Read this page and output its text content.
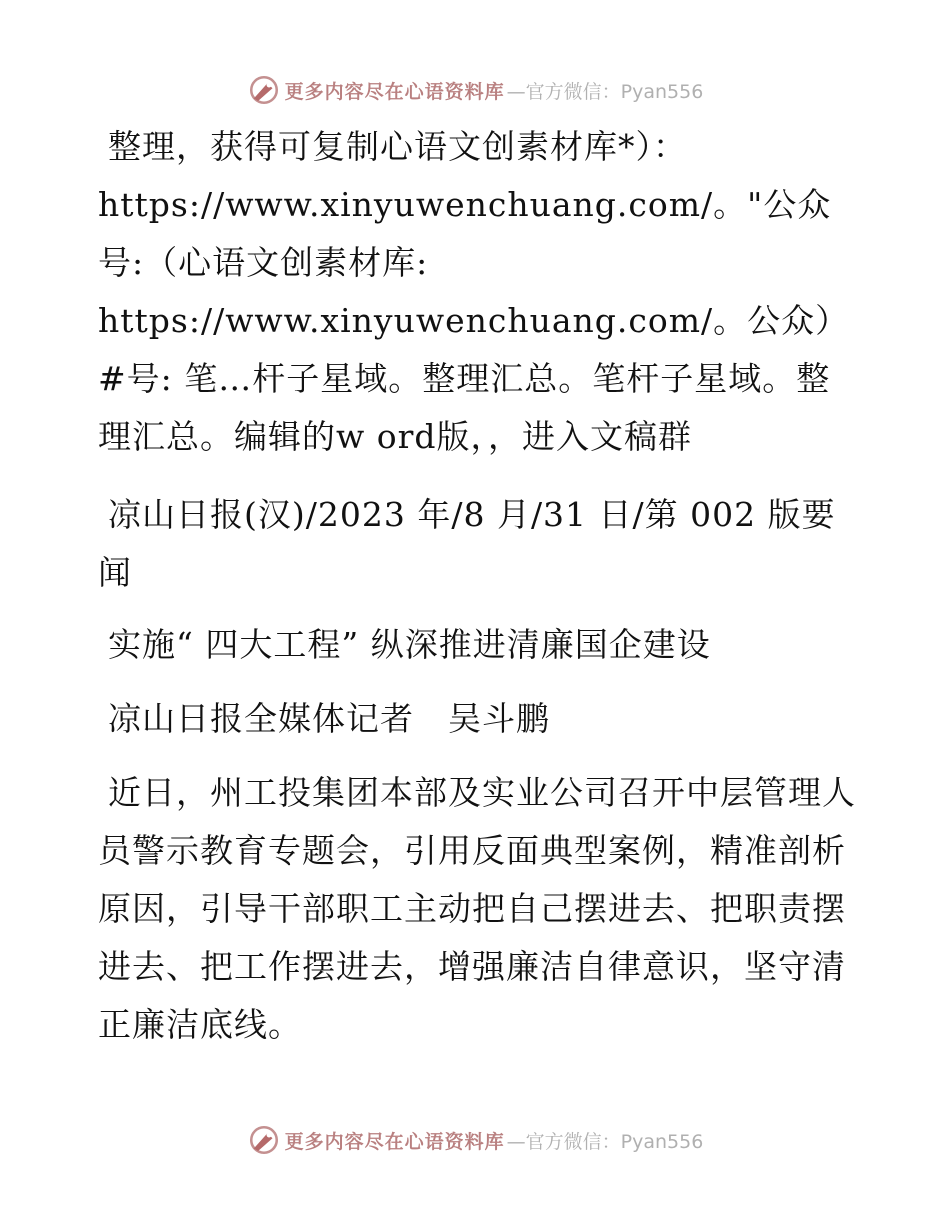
更多内容尽在心语资料库 —官方微信：Pyan556

整理，获得可复制心语文创素材库*）：https://www.xinyuwenchuang.com/。"公众号:（心语文创素材库: https://www.xinyuwenchuang.com/。公众）#号: 笔…杆子星域。整理汇总。笔杆子星域。整理汇总。编辑的w ord版，，进入文稿群

凉山日报(汉)/2023 年/8 月/31 日/第 002 版要闻

实施“ 四大工程” 纵深推进清廉国企建设

凉山日报全媒体记者　吴斗鹏

近日，州工投集团本部及实业公司召开中层管理人员警示教育专题会，引用反面典型案例，精准剖析原因，引导干部职工主动把自己摆进去、把职责摆进去、把工作摆进去，增强廉洁自律意识，坚守清正廉洁底线。

更多内容尽在心语资料库 —官方微信：Pyan556
